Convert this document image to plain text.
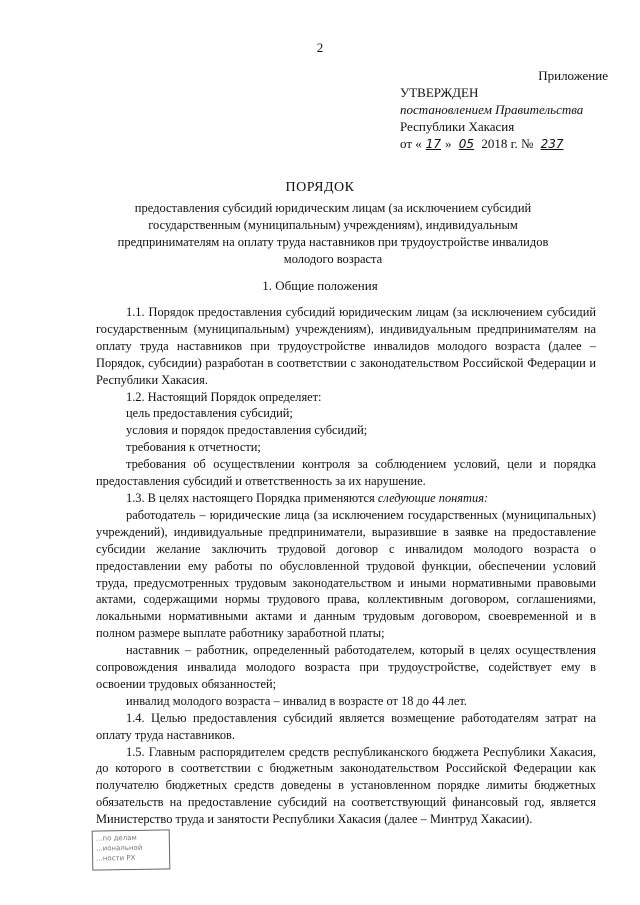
2
Приложение
УТВЕРЖДЕН
постановлением Правительства
Республики Хакасия
от « 17 » 05 2018 г. № 237
ПОРЯДОК
предоставления субсидий юридическим лицам (за исключением субсидий государственным (муниципальным) учреждениям), индивидуальным предпринимателям на оплату труда наставников при трудоустройстве инвалидов молодого возраста
1. Общие положения

1.1. Порядок предоставления субсидий юридическим лицам (за исключением субсидий государственным (муниципальным) учреждениям), индивидуальным предпринимателям на оплату труда наставников при трудоустройстве инвалидов молодого возраста (далее – Порядок, субсидии) разработан в соответствии с законодательством Российской Федерации и Республики Хакасия.

1.2. Настоящий Порядок определяет:

цель предоставления субсидий;

условия и порядок предоставления субсидий;

требования к отчетности;

требования об осуществлении контроля за соблюдением условий, цели и порядка предоставления субсидий и ответственность за их нарушение.

1.3. В целях настоящего Порядка применяются следующие понятия:

работодатель – юридические лица (за исключением государственных (муниципальных) учреждений), индивидуальные предприниматели, выразившие в заявке на предоставление субсидии желание заключить трудовой договор с инвалидом молодого возраста о предоставлении ему работы по обусловленной трудовой функции, обеспечении условий труда, предусмотренных трудовым законодательством и иными нормативными правовыми актами, содержащими нормы трудового права, коллективным договором, соглашениями, локальными нормативными актами и данным трудовым договором, своевременной и в полном размере выплате работнику заработной платы;

наставник – работник, определенный работодателем, который в целях осуществления сопровождения инвалида молодого возраста при трудоустройстве, содействует ему в освоении трудовых обязанностей;

инвалид молодого возраста – инвалид в возрасте от 18 до 44 лет.

1.4. Целью предоставления субсидий является возмещение работодателям затрат на оплату труда наставников.

1.5. Главным распорядителем средств республиканского бюджета Республики Хакасия, до которого в соответствии с бюджетным законодательством Российской Федерации как получателю бюджетных средств доведены в установленном порядке лимиты бюджетных обязательств на предоставление субсидий на соответствующий финансовый год, является Министерство труда и занятости Республики Хакасия (далее – Минтруд Хакасии).

...по делам
...иональной
...ности РХ
